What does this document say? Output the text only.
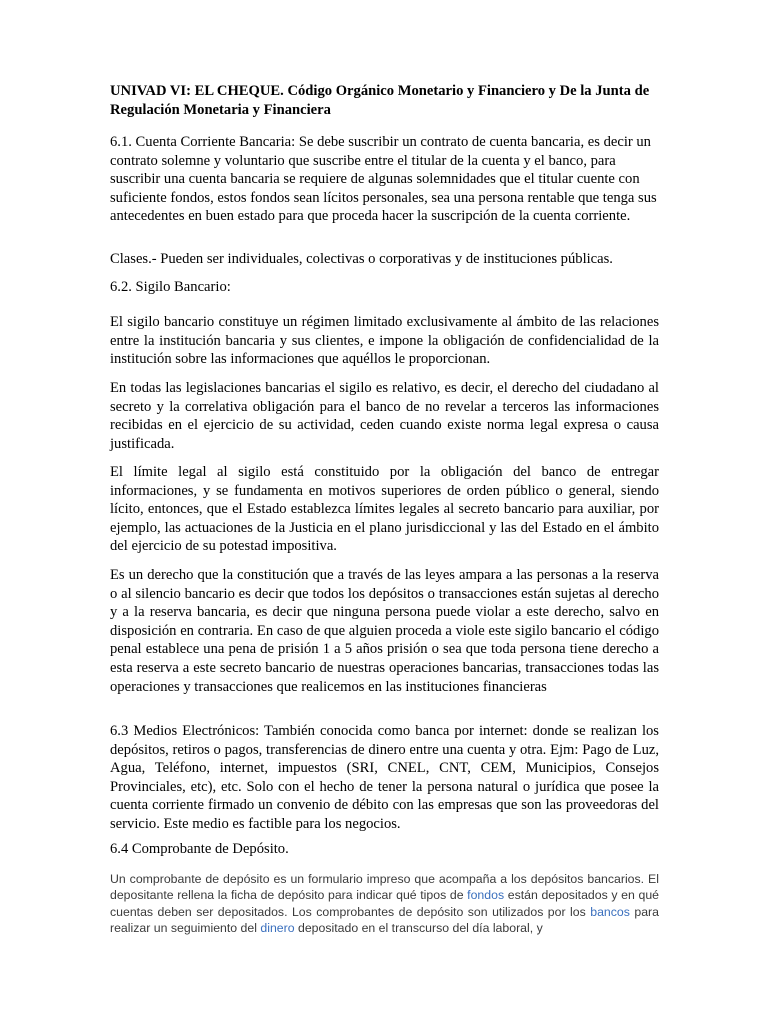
UNIVAD VI: EL CHEQUE. Código Orgánico Monetario y Financiero y De la Junta de Regulación Monetaria y Financiera

6.1. Cuenta Corriente Bancaria: Se debe suscribir un contrato de cuenta bancaria, es decir un contrato solemne y voluntario que suscribe entre el titular de la cuenta y el banco, para suscribir una cuenta bancaria se requiere de algunas solemnidades que el titular cuente con suficiente fondos, estos fondos sean lícitos personales, sea una persona rentable que tenga sus antecedentes en buen estado para que proceda hacer la suscripción de la cuenta corriente.

Clases.- Pueden ser individuales, colectivas o corporativas y de instituciones públicas.

6.2. Sigilo Bancario:

El sigilo bancario constituye un régimen limitado exclusivamente al ámbito de las relaciones entre la institución bancaria y sus clientes, e impone la obligación de confidencialidad de la institución sobre las informaciones que aquéllos le proporcionan.

En todas las legislaciones bancarias el sigilo es relativo, es decir, el derecho del ciudadano al secreto y la correlativa obligación para el banco de no revelar a terceros las informaciones recibidas en el ejercicio de su actividad, ceden cuando existe norma legal expresa o causa justificada.

El límite legal al sigilo está constituido por la obligación del banco de entregar informaciones, y se fundamenta en motivos superiores de orden público o general, siendo lícito, entonces, que el Estado establezca límites legales al secreto bancario para auxiliar, por ejemplo, las actuaciones de la Justicia en el plano jurisdiccional y las del Estado en el ámbito del ejercicio de su potestad impositiva.

Es un derecho que la constitución que a través de las leyes ampara a las personas a la reserva o al silencio bancario es decir que todos los depósitos o transacciones están sujetas al derecho y a la reserva bancaria, es decir que ninguna persona puede violar a este derecho, salvo en disposición en contraria. En caso de que alguien proceda a viole este sigilo bancario el código penal establece una pena de prisión 1 a 5 años prisión o sea que toda persona tiene derecho a esta reserva a este secreto bancario de nuestras operaciones bancarias, transacciones todas las operaciones y transacciones que realicemos en las instituciones financieras

6.3 Medios Electrónicos: También conocida como banca por internet: donde se realizan los depósitos, retiros o pagos, transferencias de dinero entre una cuenta y otra. Ejm: Pago de Luz, Agua, Teléfono, internet, impuestos (SRI, CNEL, CNT, CEM, Municipios, Consejos Provinciales, etc), etc. Solo con el hecho de tener la persona natural o jurídica que posee la cuenta corriente firmado un convenio de débito con las empresas que son las proveedoras del servicio. Este medio es factible para los negocios.

6.4 Comprobante de Depósito.

Un comprobante de depósito es un formulario impreso que acompaña a los depósitos bancarios. El depositante rellena la ficha de depósito para indicar qué tipos de fondos están depositados y en qué cuentas deben ser depositados. Los comprobantes de depósito son utilizados por los bancos para realizar un seguimiento del dinero depositado en el transcurso del día laboral, y
